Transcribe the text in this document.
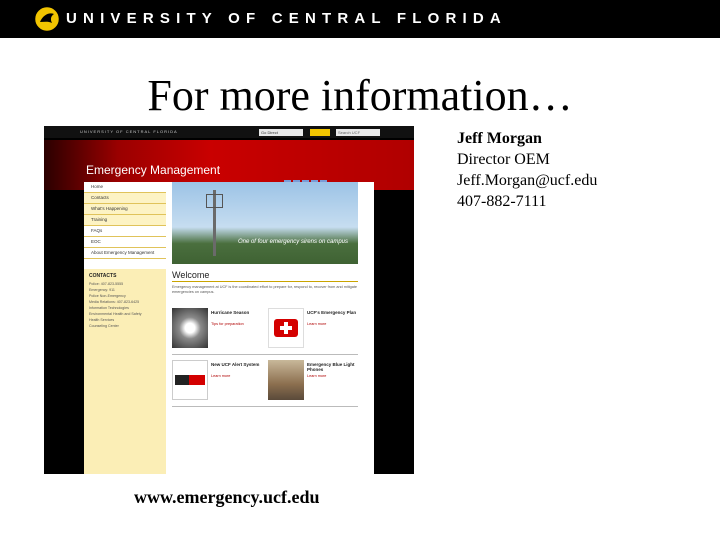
UNIVERSITY OF CENTRAL FLORIDA
For more information…
UNIVERSITY OF CENTRAL FLORIDA	Go Direct	Search UCF
Emergency Management
Home
Contacts
What's Happening
Training
FAQs
EOC
About Emergency Management
CONTACTS
Police: 407-823-5555
Emergency: 911
Police Non-Emergency
Media Relations: 407-823-6425
Information Technologies
Environmental Health and Safety
Health Services
Counseling Center
One of four emergency sirens on campus
Welcome
Emergency management at UCF is the coordinated effort to prepare for, respond to, recover from and mitigate emergencies on campus.
Hurricane Season
Tips for preparation
UCF's Emergency Plan
Learn more
New UCF Alert System
Learn more
Emergency Blue Light Phones
Learn more
Jeff Morgan
Director OEM
Jeff.Morgan@ucf.edu
407-882-7111
www.emergency.ucf.edu
